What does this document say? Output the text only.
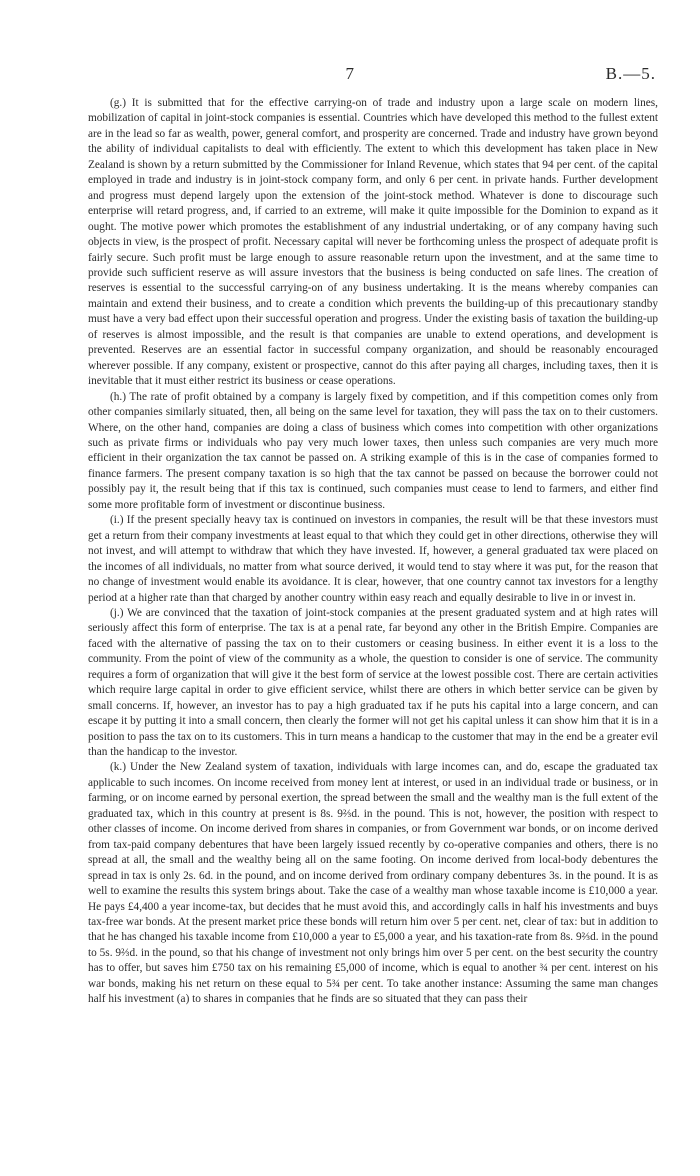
7	B.—5.

(g.) It is submitted that for the effective carrying-on of trade and industry upon a large scale on modern lines, mobilization of capital in joint-stock companies is essential. Countries which have developed this method to the fullest extent are in the lead so far as wealth, power, general comfort, and prosperity are concerned. Trade and industry have grown beyond the ability of individual capitalists to deal with efficiently. The extent to which this development has taken place in New Zealand is shown by a return submitted by the Commissioner for Inland Revenue, which states that 94 per cent. of the capital employed in trade and industry is in joint-stock company form, and only 6 per cent. in private hands. Further development and progress must depend largely upon the extension of the joint-stock method. Whatever is done to discourage such enterprise will retard progress, and, if carried to an extreme, will make it quite impossible for the Dominion to expand as it ought. The motive power which promotes the establishment of any industrial undertaking, or of any company having such objects in view, is the prospect of profit. Necessary capital will never be forthcoming unless the prospect of adequate profit is fairly secure. Such profit must be large enough to assure reasonable return upon the investment, and at the same time to provide such sufficient reserve as will assure investors that the business is being conducted on safe lines. The creation of reserves is essential to the successful carrying-on of any business undertaking. It is the means whereby companies can maintain and extend their business, and to create a condition which prevents the building-up of this precautionary standby must have a very bad effect upon their successful operation and progress. Under the existing basis of taxation the building-up of reserves is almost impossible, and the result is that companies are unable to extend operations, and development is prevented. Reserves are an essential factor in successful company organization, and should be reasonably encouraged wherever possible. If any company, existent or prospective, cannot do this after paying all charges, including taxes, then it is inevitable that it must either restrict its business or cease operations.

(h.) The rate of profit obtained by a company is largely fixed by competition, and if this competition comes only from other companies similarly situated, then, all being on the same level for taxation, they will pass the tax on to their customers. Where, on the other hand, companies are doing a class of business which comes into competition with other organizations such as private firms or individuals who pay very much lower taxes, then unless such companies are very much more efficient in their organization the tax cannot be passed on. A striking example of this is in the case of companies formed to finance farmers. The present company taxation is so high that the tax cannot be passed on because the borrower could not possibly pay it, the result being that if this tax is continued, such companies must cease to lend to farmers, and either find some more profitable form of investment or discontinue business.

(i.) If the present specially heavy tax is continued on investors in companies, the result will be that these investors must get a return from their company investments at least equal to that which they could get in other directions, otherwise they will not invest, and will attempt to withdraw that which they have invested. If, however, a general graduated tax were placed on the incomes of all individuals, no matter from what source derived, it would tend to stay where it was put, for the reason that no change of investment would enable its avoidance. It is clear, however, that one country cannot tax investors for a lengthy period at a higher rate than that charged by another country within easy reach and equally desirable to live in or invest in.

(j.) We are convinced that the taxation of joint-stock companies at the present graduated system and at high rates will seriously affect this form of enterprise. The tax is at a penal rate, far beyond any other in the British Empire. Companies are faced with the alternative of passing the tax on to their customers or ceasing business. In either event it is a loss to the community. From the point of view of the community as a whole, the question to consider is one of service. The community requires a form of organization that will give it the best form of service at the lowest possible cost. There are certain activities which require large capital in order to give efficient service, whilst there are others in which better service can be given by small concerns. If, however, an investor has to pay a high graduated tax if he puts his capital into a large concern, and can escape it by putting it into a small concern, then clearly the former will not get his capital unless it can show him that it is in a position to pass the tax on to its customers. This in turn means a handicap to the customer that may in the end be a greater evil than the handicap to the investor.

(k.) Under the New Zealand system of taxation, individuals with large incomes can, and do, escape the graduated tax applicable to such incomes. On income received from money lent at interest, or used in an individual trade or business, or in farming, or on income earned by personal exertion, the spread between the small and the wealthy man is the full extent of the graduated tax, which in this country at present is 8s. 9⅔d. in the pound. This is not, however, the position with respect to other classes of income. On income derived from shares in companies, or from Government war bonds, or on income derived from tax-paid company debentures that have been largely issued recently by co-operative companies and others, there is no spread at all, the small and the wealthy being all on the same footing. On income derived from local-body debentures the spread in tax is only 2s. 6d. in the pound, and on income derived from ordinary company debentures 3s. in the pound. It is as well to examine the results this system brings about. Take the case of a wealthy man whose taxable income is £10,000 a year. He pays £4,400 a year income-tax, but decides that he must avoid this, and accordingly calls in half his investments and buys tax-free war bonds. At the present market price these bonds will return him over 5 per cent. net, clear of tax: but in addition to that he has changed his taxable income from £10,000 a year to £5,000 a year, and his taxation-rate from 8s. 9⅔d. in the pound to 5s. 9⅔d. in the pound, so that his change of investment not only brings him over 5 per cent. on the best security the country has to offer, but saves him £750 tax on his remaining £5,000 of income, which is equal to another ¾ per cent. interest on his war bonds, making his net return on these equal to 5¾ per cent. To take another instance: Assuming the same man changes half his investment (a) to shares in companies that he finds are so situated that they can pass their
